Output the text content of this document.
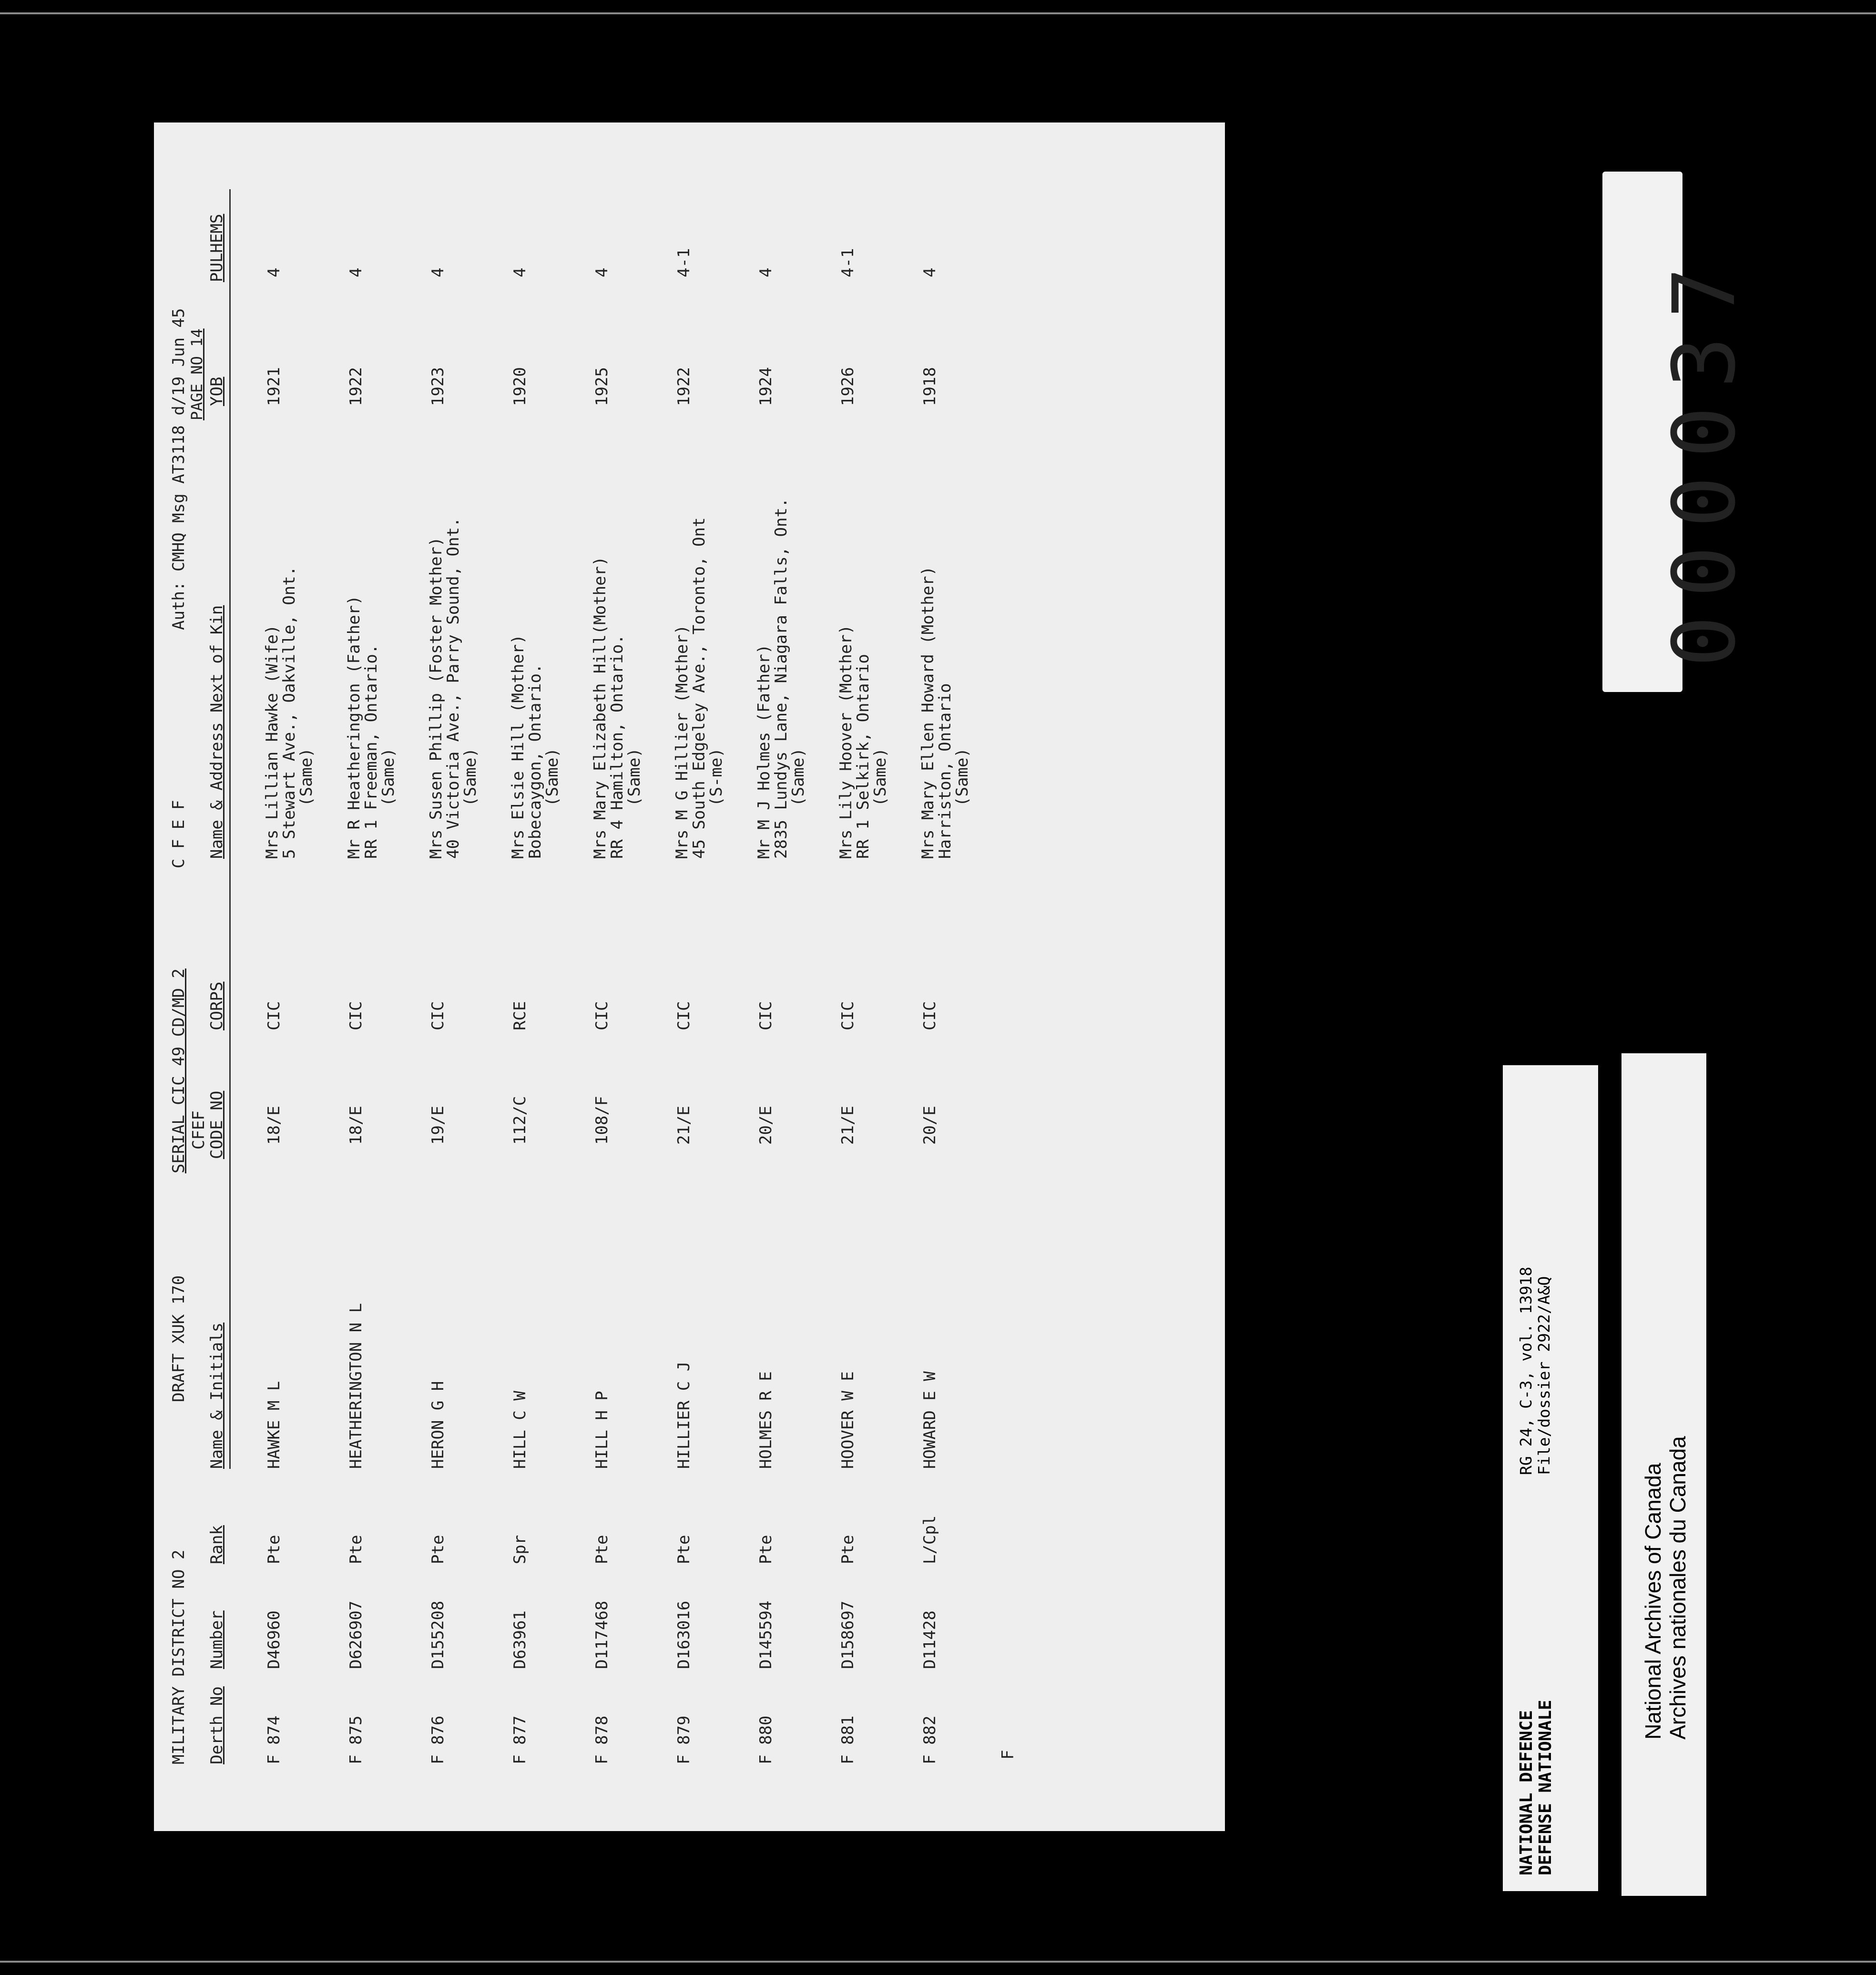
MILITARY DISTRICT NO 2
DRAFT XUK 170
SERIAL CIC 49 CD/MD 2
C F E F
Auth: CMHQ Msg AT3118 d/19 Jun 45 PAGE NO 14
Derth No
Number
Rank
Name & Initials
CFEF
CODE NO
CORPS
Name & Address Next of Kin
YOB
PULHEMS
F 874
D46960
Pte
HAWKE M L
18/E
CIC
1921
4
Mrs Lillian Hawke (Wife)
5 Stewart Ave., Oakville, Ont.
(Same)
F 875
D626907
Pte
HEATHERINGTON N L
18/E
CIC
1922
4
Mr R Heatherington (Father)
RR 1 Freeman, Ontario.
(Same)
F 876
D155208
Pte
HERON G H
19/E
CIC
1923
4
Mrs Susen Phillip (Foster Mother)
40 Victoria Ave., Parry Sound, Ont.
(Same)
F 877
D63961
Spr
HILL C W
112/C
RCE
1920
4
Mrs Elsie Hill (Mother)
Bobecaygon, Ontario.
(Same)
F 878
D117468
Pte
HILL H P
108/F
CIC
1925
4
Mrs Mary Elizabeth Hill(Mother)
RR 4 Hamilton, Ontario.
(Same)
F 879
D163016
Pte
HILLIER C J
21/E
CIC
1922
4-1
Mrs M G Hillier (Mother)
45 South Edgeley Ave., Toronto, Ont
(S-me)
F 880
D145594
Pte
HOLMES R E
20/E
CIC
1924
4
Mr M J Holmes (Father)
2835 Lundys Lane, Niagara Falls, Ont.
(Same)
F 881
D158697
Pte
HOOVER W E
21/E
CIC
1926
4-1
Mrs Lily Hoover (Mother)
RR 1 Selkirk, Ontario
(Same)
F 882
D11428
L/Cpl
HOWARD E W
20/E
CIC
1918
4
Mrs Mary Ellen Howard (Mother)
Harriston, Ontario
(Same)
F
000037
NATIONAL DEFENCE DEFENSE NATIONALE
RG 24, C-3, vol. 13918 File/dossier 2922/A&Q
National Archives of Canada Archives nationales du Canada
